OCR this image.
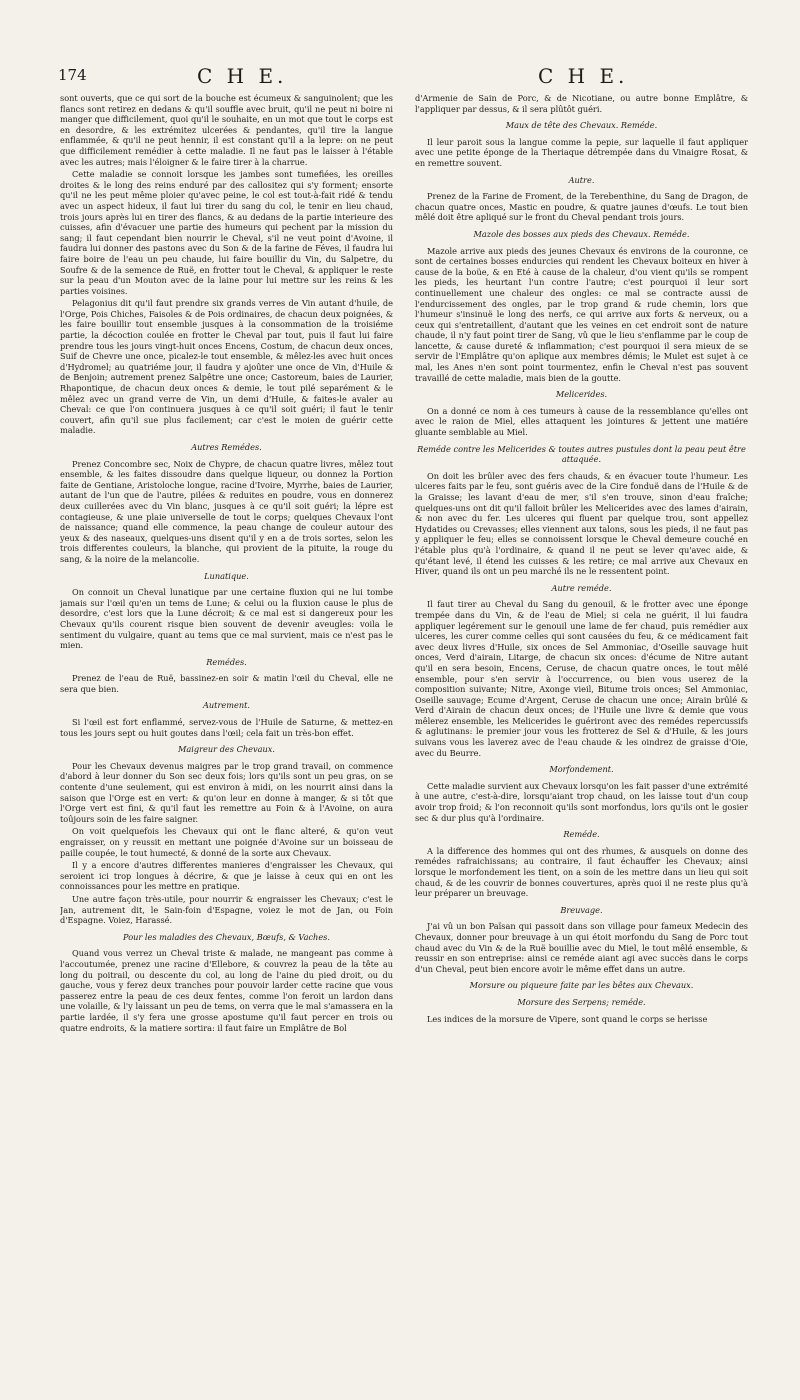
174	C H E.	C H E.

sont ouverts, que ce qui sort de la bouche est écumeux & sanguinolent; que les flancs sont retirez en dedans & qu'il souffle avec bruit, qu'il ne peut ni boire ni manger que difficilement, quoi qu'il le souhaite, en un mot que tout le corps est en desordre, & les extrémitez ulcerées & pendantes, qu'il tire la langue enflammée, & qu'il ne peut hennir, il est constant qu'il a la lepre: on ne peut que difficilement remédier à cette maladie. Il ne faut pas le laisser à l'étable avec les autres; mais l'éloigner & le faire tirer à la charrue.

Cette maladie se connoit lorsque les jambes sont tumefiées, les oreilles droites & le long des reins enduré par des callositez qui s'y forment; ensorte qu'il ne les peut même ploier qu'avec peine, le col est tout-à-fait ridé & tendu avec un aspect hideux, il faut lui tirer du sang du col, le tenir en lieu chaud, trois jours après lui en tirer des flancs, & au dedans de la partie interieure des cuisses, afin d'évacuer une partie des humeurs qui pechent par la mission du sang; il faut cependant bien nourrir le Cheval, s'il ne veut point d'Avoine, il faudra lui donner des pastons avec du Son & de la farine de Féves, il faudra lui faire boire de l'eau un peu chaude, lui faire bouillir du Vin, du Salpetre, du Soufre & de la semence de Ruë, en frotter tout le Cheval, & appliquer le reste sur la peau d'un Mouton avec de la laine pour lui mettre sur les reins & les parties voisines.

Pelagonius dit qu'il faut prendre six grands verres de Vin autant d'huile, de l'Orge, Pois Chiches, Faisoles & de Pois ordinaires, de chacun deux poignées, & les faire bouillir tout ensemble jusques à la consommation de la troisiéme partie, la décoction coulée en frotter le Cheval par tout, puis il faut lui faire prendre tous les jours vingt-huit onces Encens, Costum, de chacun deux onces, Suif de Chevre une once, picalez-le tout ensemble, & mêlez-les avec huit onces d'Hydromel; au quatriéme jour, il faudra y ajoûter une once de Vin, d'Huile & de Benjoin; autrement prenez Salpêtre une once; Castoreum, baies de Laurier, Rhapontique, de chacun deux onces & demie, le tout pilé separément & le mêlez avec un grand verre de Vin, un demi d'Huile, & faites-le avaler au Cheval: ce que l'on continuera jusques à ce qu'il soit guéri; il faut le tenir couvert, afin qu'il sue plus facilement; car c'est le moien de guérir cette maladie.

Autres Remédes.

Prenez Concombre sec, Noix de Chypre, de chacun quatre livres, mêlez tout ensemble, & les faites dissoudre dans quelque liqueur, ou donnez la Portion faite de Gentiane, Aristoloche longue, racine d'Ivoire, Myrrhe, baies de Laurier, autant de l'un que de l'autre, pilées & reduites en poudre, vous en donnerez deux cuillerées avec du Vin blanc, jusques à ce qu'il soit guéri; la lépre est contagieuse, & une plaie universelle de tout le corps; quelques Chevaux l'ont de naissance; quand elle commence, la peau change de couleur autour des yeux & des naseaux, quelques-uns disent qu'il y en a de trois sortes, selon les trois differentes couleurs, la blanche, qui provient de la pituite, la rouge du sang, & la noire de la melancolie.

Lunatique.

On connoit un Cheval lunatique par une certaine fluxion qui ne lui tombe jamais sur l'œil qu'en un tems de Lune; & celui ou la fluxion cause le plus de desordre, c'est lors que la Lune décroit; & ce mal est si dangereux pour les Chevaux qu'ils courent risque bien souvent de devenir aveugles: voila le sentiment du vulgaire, quant au tems que ce mal survient, mais ce n'est pas le mien.

Remédes.

Prenez de l'eau de Ruë, bassinez-en soir & matin l'œil du Cheval, elle ne sera que bien.

Autrement.

Si l'œil est fort enflammé, servez-vous de l'Huile de Saturne, & mettez-en tous les jours sept ou huit goutes dans l'œil; cela fait un très-bon effet.

Maigreur des Chevaux.

Pour les Chevaux devenus maigres par le trop grand travail, on commence d'abord à leur donner du Son sec deux fois; lors qu'ils sont un peu gras, on se contente d'une seulement, qui est environ à midi, on les nourrit ainsi dans la saison que l'Orge est en vert: & qu'on leur en donne à manger, & si tôt que l'Orge vert est fini, & qu'il faut les remettre au Foin & à l'Avoine, on aura toûjours soin de les faire saigner.

On voit quelquefois les Chevaux qui ont le flanc alteré, & qu'on veut engraisser, on y reussit en mettant une poignée d'Avoine sur un boisseau de paille coupée, le tout humecté, & donné de la sorte aux Chevaux.

Il y a encore d'autres differentes manieres d'engraisser les Chevaux, qui seroient ici trop longues à décrire, & que je laisse à ceux qui en ont les connoissances pour les mettre en pratique.

Une autre façon très-utile, pour nourrir & engraisser les Chevaux; c'est le Jan, autrement dit, le Sain-foin d'Espagne, voiez le mot de Jan, ou Foin d'Espagne. Voiez, Harassé.

Pour les maladies des Chevaux, Bœufs, & Vaches.

Quand vous verrez un Cheval triste & malade, ne mangeant pas comme à l'accoutumée, prenez une racine d'Ellebore, & couvrez la peau de la tête au long du poitrail, ou descente du col, au long de l'aine du pied droit, ou du gauche, vous y ferez deux tranches pour pouvoir larder cette racine que vous passerez entre la peau de ces deux fentes, comme l'on feroit un lardon dans une volaille, & l'y laissant un peu de tems, on verra que le mal s'amassera en la partie lardée, il s'y fera une grosse apostume qu'il faut percer en trois ou quatre endroits, & la matiere sortira: il faut faire un Emplâtre de Bol

d'Armenie de Sain de Porc, & de Nicotiane, ou autre bonne Emplâtre, & l'appliquer par dessus, & il sera plûtôt guéri.

Maux de tête des Chevaux. Reméde.

Il leur paroit sous la langue comme la pepie, sur laquelle il faut appliquer avec une petite éponge de la Theriaque détrempée dans du Vinaigre Rosat, & en remettre souvent.

Autre.

Prenez de la Farine de Froment, de la Terebenthine, du Sang de Dragon, de chacun quatre onces, Mastic en poudre, & quatre jaunes d'œufs. Le tout bien mêlé doit être apliqué sur le front du Cheval pendant trois jours.

Mazole des bosses aux pieds des Chevaux. Reméde.

Mazole arrive aux pieds des jeunes Chevaux és environs de la couronne, ce sont de certaines bosses endurcies qui rendent les Chevaux boiteux en hiver à cause de la boüe, & en Eté à cause de la chaleur, d'ou vient qu'ils se rompent les pieds, les heurtant l'un contre l'autre; c'est pourquoi il leur sort continuellement une chaleur des ongles: ce mal se contracte aussi de l'endurcissement des ongles, par le trop grand & rude chemin, lors que l'humeur s'insinuë le long des nerfs, ce qui arrive aux forts & nerveux, ou a ceux qui s'entretaillent, d'autant que les veines en cet endroit sont de nature chaude, il n'y faut point tirer de Sang, vû que le lieu s'enflamme par le coup de lancette, & cause dureté & inflammation; c'est pourquoi il sera mieux de se servir de l'Emplâtre qu'on aplique aux membres démis; le Mulet est sujet à ce mal, les Anes n'en sont point tourmentez, enfin le Cheval n'est pas souvent travaillé de cette maladie, mais bien de la goutte.

Melicerides.

On a donné ce nom à ces tumeurs à cause de la ressemblance qu'elles ont avec le raion de Miel, elles attaquent les jointures & jettent une matiére gluante semblable au Miel.

Reméde contre les Melicerides & toutes autres pustules dont la peau peut être attaquée.

On doit les brûler avec des fers chauds, & en évacuer toute l'humeur. Les ulceres faits par le feu, sont guéris avec de la Cire fonduë dans de l'Huile & de la Graisse; les lavant d'eau de mer, s'il s'en trouve, sinon d'eau fraîche; quelques-uns ont dit qu'il falloit brûler les Melicerides avec des lames d'airain, & non avec du fer. Les ulceres qui fluent par quelque trou, sont appellez Hydatides ou Crevasses; elles viennent aux talons, sous les pieds, il ne faut pas y appliquer le feu; elles se connoissent lorsque le Cheval demeure couché en l'étable plus qu'à l'ordinaire, & quand il ne peut se lever qu'avec aide, & qu'étant levé, il étend les cuisses & les retire; ce mal arrive aux Chevaux en Hiver, quand ils ont un peu marché ils ne le ressentent point.

Autre reméde.

Il faut tirer au Cheval du Sang du genouil, & le frotter avec une éponge trempée dans du Vin, & de l'eau de Miel; si cela ne guérit, il lui faudra appliquer legérement sur le genouil une lame de fer chaud, puis remédier aux ulceres, les curer comme celles qui sont causées du feu, & ce médicament fait avec deux livres d'Huile, six onces de Sel Ammoniac, d'Oseille sauvage huit onces, Verd d'airain, Litarge, de chacun six onces: d'écume de Nitre autant qu'il en sera besoin, Encens, Ceruse, de chacun quatre onces, le tout mêlé ensemble, pour s'en servir à l'occurrence, ou bien vous userez de la composition suivante; Nitre, Axonge vieil, Bitume trois onces; Sel Ammoniac, Oseille sauvage; Ecume d'Argent, Ceruse de chacun une once; Airain brûlé & Verd d'Airain de chacun deux onces; de l'Huile une livre & demie que vous mêlerez ensemble, les Melicerides le guériront avec des remédes repercussifs & aglutinans: le premier jour vous les frotterez de Sel & d'Huile, & les jours suivans vous les laverez avec de l'eau chaude & les oindrez de graisse d'Oie, avec du Beurre.

Morfondement.

Cette maladie survient aux Chevaux lorsqu'on les fait passer d'une extrémité à une autre, c'est-à-dire, lorsqu'aiant trop chaud, on les laisse tout d'un coup avoir trop froid; & l'on reconnoit qu'ils sont morfondus, lors qu'ils ont le gosier sec & dur plus qu'à l'ordinaire.

Reméde.

A la difference des hommes qui ont des rhumes, & ausquels on donne des remédes rafraichissans; au contraire, il faut échauffer les Chevaux; ainsi lorsque le morfondement les tient, on a soin de les mettre dans un lieu qui soit chaud, & de les couvrir de bonnes couvertures, après quoi il ne reste plus qu'à leur préparer un breuvage.

Breuvage.

J'ai vû un bon Païsan qui passoit dans son village pour fameux Medecin des Chevaux, donner pour breuvage à un qui étoit morfondu du Sang de Porc tout chaud avec du Vin & de la Ruë bouillie avec du Miel, le tout mêlé ensemble, & reussir en son entreprise: ainsi ce reméde aiant agi avec succès dans le corps d'un Cheval, peut bien encore avoir le même effet dans un autre.

Morsure ou piqueure faite par les bêtes aux Chevaux.
Morsure des Serpens; reméde.

Les indices de la morsure de Vipere, sont quand le corps se herisse
